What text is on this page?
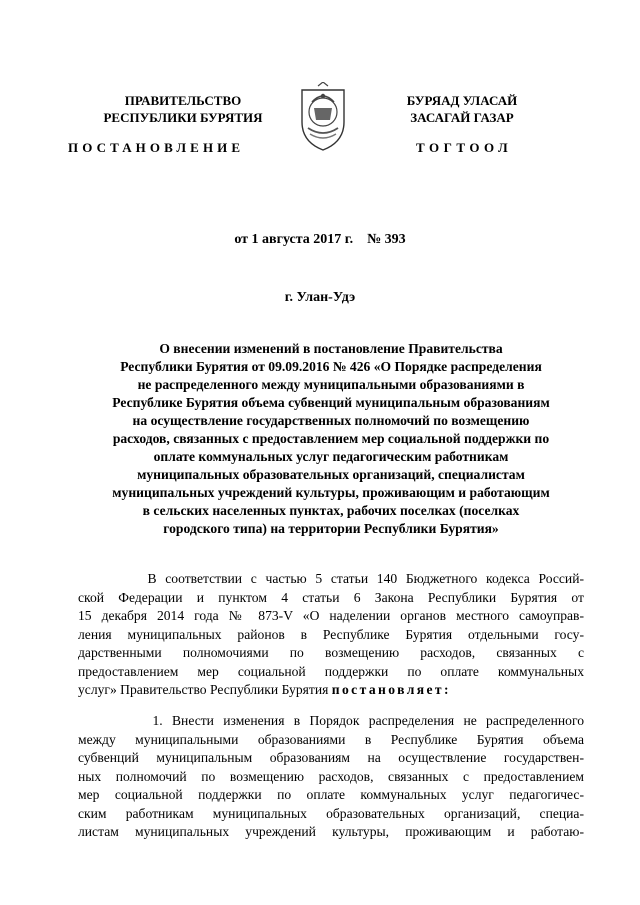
ПРАВИТЕЛЬСТВО
РЕСПУБЛИКИ БУРЯТИЯ
БУРЯАД УЛАСАЙ
ЗАСАГАЙ ГАЗАР
ПОСТАНОВЛЕНИЕ	ТОГТООЛ
от 1 августа 2017 г.    № 393
г. Улан-Удэ
О внесении изменений в постановление Правительства
Республики Бурятия от 09.09.2016 № 426 «О Порядке распределения
не распределенного между муниципальными образованиями в
Республике Бурятия объема субвенций муниципальным образованиям
на осуществление государственных полномочий по возмещению
расходов, связанных с предоставлением мер социальной поддержки по
оплате коммунальных услуг педагогическим работникам
муниципальных образовательных организаций, специалистам
муниципальных учреждений культуры, проживающим и работающим
в сельских населенных пунктах, рабочих поселках (поселках
городского типа) на территории Республики Бурятия»
В соответствии с частью 5 статьи 140 Бюджетного кодекса Россий-
ской Федерации и пунктом 4 статьи 6 Закона Республики Бурятия от
15 декабря 2014 года № 873-V «О наделении органов местного самоуправ-
ления муниципальных районов в Республике Бурятия отдельными госу-
дарственными полномочиями по возмещению расходов, связанных с
предоставлением мер социальной поддержки по оплате коммунальных
услуг» Правительство Республики Бурятия постановляет:
1. Внести изменения в Порядок распределения не распределенного
между муниципальными образованиями в Республике Бурятия объема
субвенций муниципальным образованиям на осуществление государствен-
ных полномочий по возмещению расходов, связанных с предоставлением
мер социальной поддержки по оплате коммунальных услуг педагогичес-
ским работникам муниципальных образовательных организаций, специа-
листам муниципальных учреждений культуры, проживающим и работаю-
